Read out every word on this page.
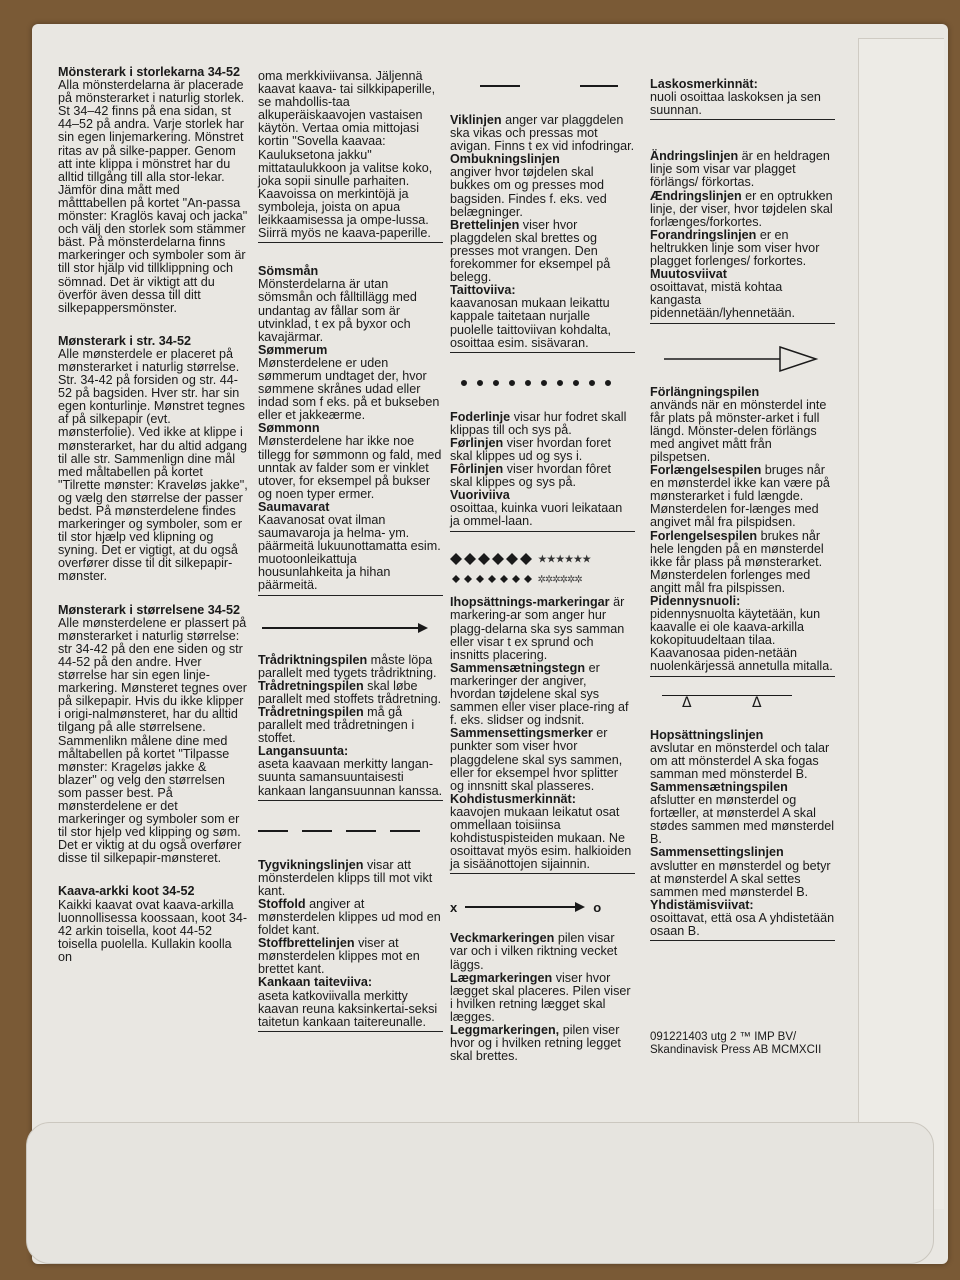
Mönsterark i storlekarna 34-52
Alla mönsterdelarna är placerade på mönsterarket i naturlig storlek. St 34–42 finns på ena sidan, st 44–52 på andra. Varje storlek har sin egen linjemarkering. Mönstret ritas av på silke-papper. Genom att inte klippa i mönstret har du alltid tillgång till alla stor-lekar. Jämför dina mått med måtttabellen på kortet "An-passa mönster: Kraglös kavaj och jacka" och välj den storlek som stämmer bäst. På mönsterdelarna finns markeringer och symboler som är till stor hjälp vid tillklippning och sömnad. Det är viktigt att du överför även dessa till ditt silkepappersmönster.
Mønsterark i str. 34-52
Alle mønsterdele er placeret på mønsterarket i naturlig størrelse. Str. 34-42 på forsiden og str. 44-52 på bagsiden. Hver str. har sin egen konturlinje. Mønstret tegnes af på silkepapir (evt. mønsterfolie). Ved ikke at klippe i mønsterarket, har du altid adgang til alle str. Sammenlign dine mål med måltabellen på kortet "Tilrette mønster: Kraveløs jakke", og vælg den størrelse der passer bedst. På mønsterdelene findes markeringer og symboler, som er til stor hjælp ved klipning og syning. Det er vigtigt, at du også overfører disse til dit silkepapir-mønster.
Mønsterark i størrelsene 34-52
Alle mønsterdelene er plassert på mønsterarket i naturlig størrelse: str 34-42 på den ene siden og str 44-52 på den andre. Hver størrelse har sin egen linje-markering. Mønsteret tegnes over på silkepapir. Hvis du ikke klipper i origi-nalmønsteret, har du alltid tilgang på alle størrelsene. Sammenlikn målene dine med måltabellen på kortet "Tilpasse mønster: Krageløs jakke & blazer" og velg den størrelsen som passer best. På mønsterdelene er det markeringer og symboler som er til stor hjelp ved klipping og søm. Det er viktig at du også overfører disse til silkepapir-mønsteret.
Kaava-arkki koot 34-52
Kaikki kaavat ovat kaava-arkilla luonnollisessa koossaan, koot 34-42 arkin toisella, koot 44-52 toisella puolella. Kullakin koolla on
oma merkkiviivansa. Jäljennä kaavat kaava- tai silkkipaperille, se mahdollis-taa alkuperäiskaavojen vastaisen käytön. Vertaa omia mittojasi kortin "Sovella kaavaa: Kauluksetona jakku" mittataulukkoon ja valitse koko, joka sopii sinulle parhaiten. Kaavoissa on merkintöjä ja symboleja, joista on apua leikkaamisessa ja ompe-lussa. Siirrä myös ne kaava-paperille.
Sömsmån
Mönsterdelarna är utan sömsmån och fålltillägg med undantag av fållar som är utvinklad, t ex på byxor och kavajärmar.
Sømmerum
Mønsterdelene er uden sømmerum undtaget der, hvor sømmene skrånes udad eller indad som f eks. på et bukseben eller et jakkeærme.
Sømmonn
Mønsterdelene har ikke noe tillegg for sømmonn og fald, med unntak av falder som er vinklet utover, for eksempel på bukser og noen typer ermer.
Saumavarat

Kaavanosat ovat ilman saumavaroja ja helma- ym. päärmeitä lukuunottamatta esim. muotoonleikattuja housunlahkeita ja hihan päärmeitä.
Trådriktningspilen måste löpa parallelt med tygets trådriktning.
Trådretningspilen skal løbe parallelt med stoffets trådretning.
Trådretningspilen må gå parallelt med trådretningen i stoffet.
Langansuunta:
aseta kaavaan merkitty langan-suunta samansuuntaisesti kankaan langansuunnan kanssa.
Tygvikningslinjen visar att mönsterdelen klipps till mot vikt kant.
Stoffold angiver at mønsterdelen klippes ud mod en foldet kant.
Stoffbrettelinjen viser at mønsterdelen klippes mot en brettet kant.
Kankaan taiteviiva:
aseta katkoviivalla merkitty kaavan reuna kaksinkertai-seksi taitetun kankaan taitereunalle.
Viklinjen anger var plaggdelen ska vikas och pressas mot avigan. Finns t ex vid infodringar.
Ombukningslinjen
angiver hvor tøjdelen skal bukkes om og presses mod bagsiden. Findes f. eks. ved belægninger.
Brettelinjen viser hvor plaggdelen skal brettes og presses mot vrangen. Den forekommer for eksempel på belegg.
Taittoviiva:
kaavanosan mukaan leikattu kappale taitetaan nurjalle puolelle taittoviivan kohdalta, osoittaa esim. sisävaran.
Foderlinje visar hur fodret skall klippas till och sys på.
Førlinjen viser hvordan foret skal klippes ud og sys i.
Fôrlinjen viser hvordan fôret skal klippes og sys på.
Vuoriviiva
osoittaa, kuinka vuori leikataan ja ommel-laan.
★★★★★★
✲✲✲✲✲✲
Ihopsättnings-markeringar är markering-ar som anger hur plagg-delarna ska sys samman eller visar t ex sprund och insnitts placering.
Sammensætningstegn er markeringer der angiver, hvordan tøjdelene skal sys sammen eller viser place-ring af f. eks. slidser og indsnit.
Sammensettingsmerker er punkter som viser hvor plaggdelene skal sys sammen, eller for eksempel hvor splitter og innsnitt skal plasseres.
Kohdistusmerkinnät:

kaavojen mukaan leikatut osat ommellaan toisiinsa kohdistuspisteiden mukaan. Ne osoittavat myös esim. halkioiden ja sisäänottojen sijainnin.
x	o
Veckmarkeringen pilen visar var och i vilken riktning vecket läggs.
Lægmarkeringen viser hvor lægget skal placeres. Pilen viser i hvilken retning lægget skal lægges.
Leggmarkeringen, pilen viser hvor og i hvilken retning legget skal brettes.
Laskosmerkinnät:
nuoli osoittaa laskoksen ja sen suunnan.
Ändringslinjen är en heldragen linje som visar var plagget förlängs/ förkortas.
Ændringslinjen er en optrukken linje, der viser, hvor tøjdelen skal forlænges/forkortes.
Forandringslinjen er en heltrukken linje som viser hvor plagget forlenges/ forkortes.
Muutosviivat
osoittavat, mistä kohtaa kangasta pidennetään/lyhennetään.
Förlängningspilen
används när en mönsterdel inte får plats på mönster-arket i full längd. Mönster-delen förlängs med angivet mått från pilspetsen.
Forlængelsespilen bruges når en mønsterdel ikke kan være på mønsterarket i fuld længde. Mønsterdelen for-længes med angivet mål fra pilspidsen.
Forlengelsespilen brukes når hele lengden på en mønsterdel ikke får plass på mønsterarket. Mønsterdelen forlenges med angitt mål fra pilspissen.
Pidennysnuoli:

pidennysnuolta käytetään, kun kaavalle ei ole kaava-arkilla kokopituudeltaan tilaa. Kaavanosaa piden-netään nuolenkärjessä annetulla mitalla.
Δ	Δ
Hopsättningslinjen
avslutar en mönsterdel och talar om att mönsterdel A ska fogas samman med mönsterdel B.
Sammensætningspilen
afslutter en mønsterdel og fortæller, at mønsterdel A skal stødes sammen med mønsterdel B.
Sammensettingslinjen
avslutter en mønsterdel og betyr at mønsterdel A skal settes sammen med mønsterdel B.
Yhdistämisviivat:

osoittavat, että osa A yhdistetään osaan B.
091221403 utg 2 ™ IMP BV/
Skandinavisk Press AB MCMXCII
